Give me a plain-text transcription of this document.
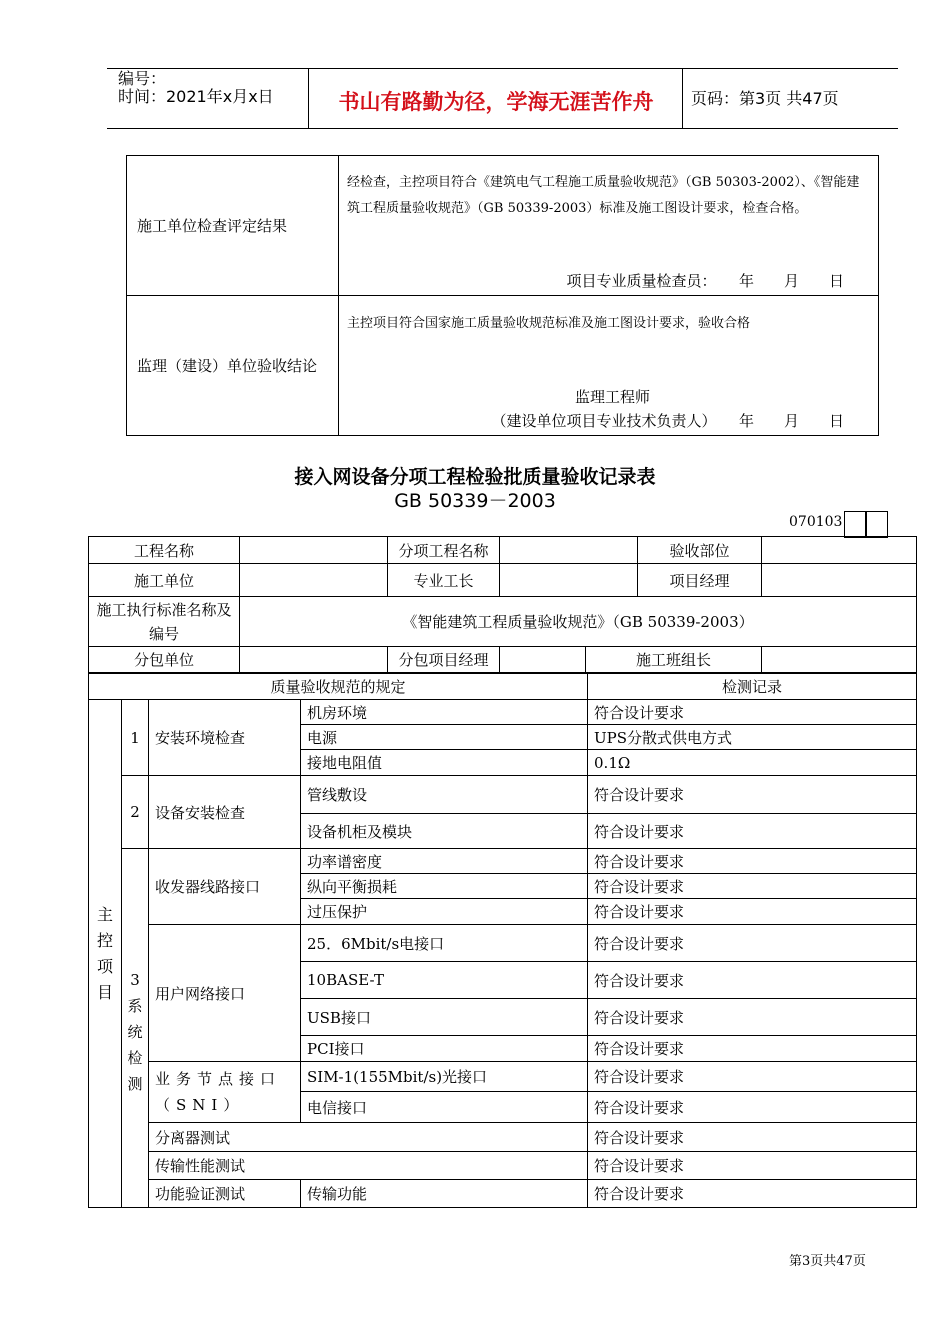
编号：
时间：2021年x月x日	书山有路勤为径，学海无涯苦作舟	页码：第3页 共47页
施工单位检查评定结果	经检查，主控项目符合《建筑电气工程施工质量验收规范》（GB 50303-2002）、《智能建筑工程质量验收规范》（GB 50339-2003）标准及施工图设计要求，检查合格。
项目专业质量检查员：　　年　　月　　日

监理（建设）单位验收结论	主控项目符合国家施工质量验收规范标准及施工图设计要求，验收合格
监理工程师
（建设单位项目专业技术负责人）　　年　　月　　日
接入网设备分项工程检验批质量验收记录表
GB 50339－2003
070103
工程名称		分项工程名称			验收部位	
施工单位		专业工长			项目经理	
施工执行标准名称及编号	《智能建筑工程质量验收规范》（GB 50339-2003）					
分包单位		分包项目经理		施工班组长		
质量验收规范的规定				检测记录
主控项目	1	安装环境检查	机房环境	符合设计要求
			电源	UPS分散式供电方式
			接地电阻值	0.1Ω
	2	设备安装检查	管线敷设	符合设计要求
			设备机柜及模块	符合设计要求
	3系统检测	收发器线路接口	功率谱密度	符合设计要求
			纵向平衡损耗	符合设计要求
			过压保护	符合设计要求
		用户网络接口	25．6Mbit/s电接口	符合设计要求
			10BASE-T	符合设计要求
			USB接口	符合设计要求
			PCI接口	符合设计要求
		业务节点接口（SNI）	SIM-1(155Mbit/s)光接口	符合设计要求
			电信接口	符合设计要求
		分离器测试		符合设计要求
		传输性能测试		符合设计要求
		功能验证测试	传输功能	符合设计要求
第3页共47页
